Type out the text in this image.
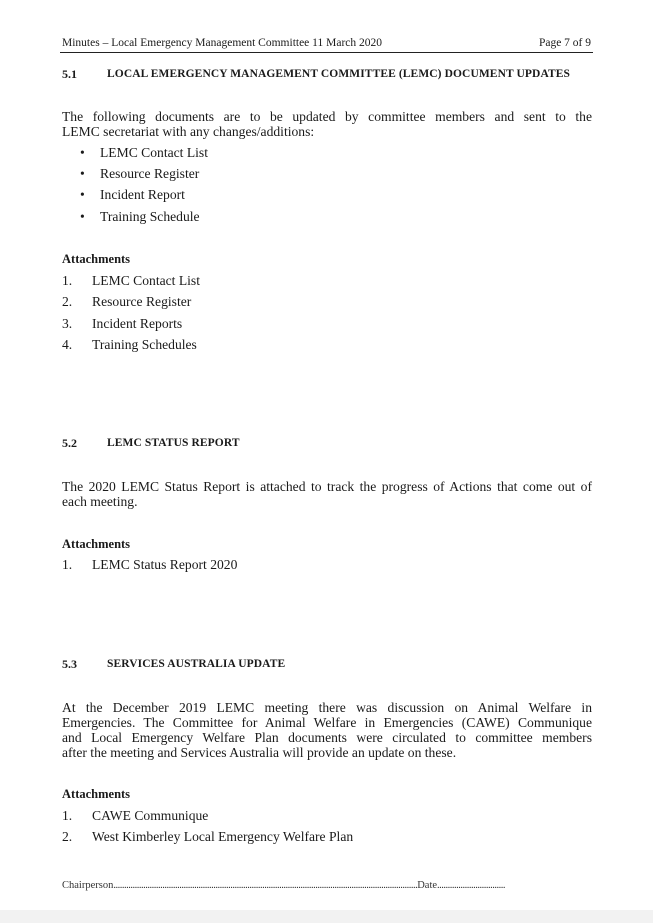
Minutes – Local Emergency Management Committee 11 March 2020	Page 7 of 9
5.1	LOCAL EMERGENCY MANAGEMENT COMMITTEE (LEMC) DOCUMENT UPDATES
The following documents are to be updated by committee members and sent to the
LEMC secretariat with any changes/additions:
• LEMC Contact List
• Resource Register
• Incident Report
• Training Schedule
Attachments
1. LEMC Contact List
2. Resource Register
3. Incident Reports
4. Training Schedules
5.2	LEMC STATUS REPORT
The 2020 LEMC Status Report is attached to track the progress of Actions that come out of
each meeting.
Attachments
1. LEMC Status Report 2020
5.3	SERVICES AUSTRALIA UPDATE
At the December 2019 LEMC meeting there was discussion on Animal Welfare in
Emergencies. The Committee for Animal Welfare in Emergencies (CAWE) Communique
and Local Emergency Welfare Plan documents were circulated to committee members
after the meeting and Services Australia will provide an update on these.
Attachments
1. CAWE Communique
2. West Kimberley Local Emergency Welfare Plan
Chairperson...............................................................................................................................................Date................................
